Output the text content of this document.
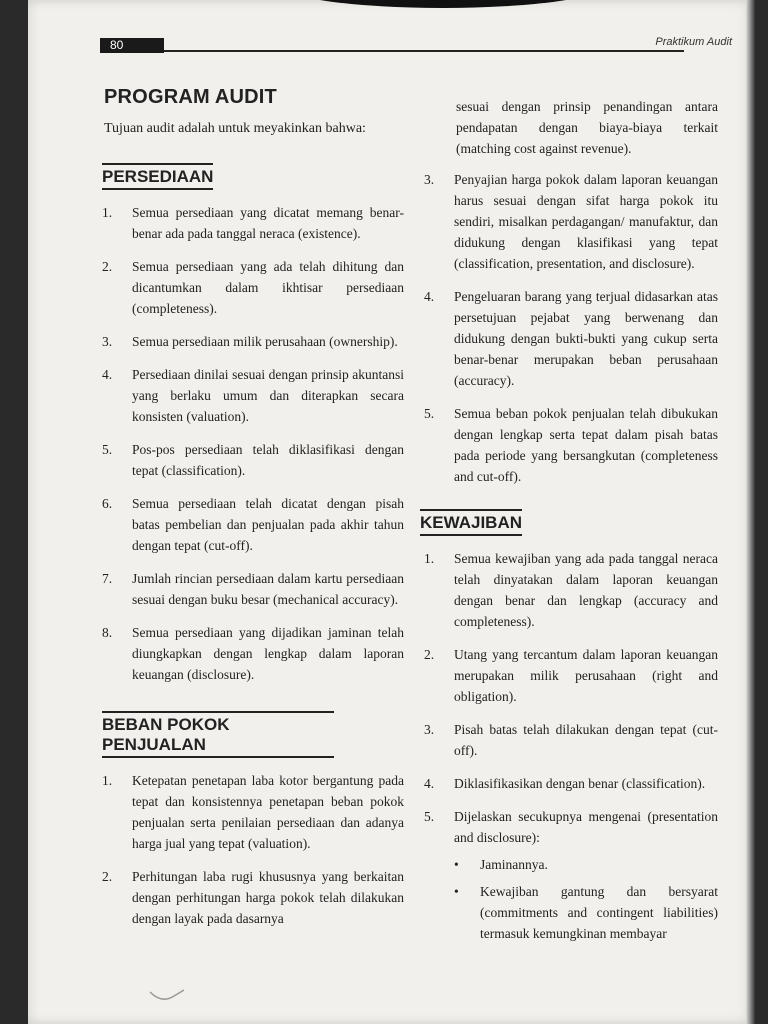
80	Praktikum Audit
PROGRAM AUDIT
Tujuan audit adalah untuk meyakinkan bahwa:
PERSEDIAAN
1.	Semua persediaan yang dicatat memang benar-benar ada pada tanggal neraca (existence).
2.	Semua persediaan yang ada telah dihitung dan dicantumkan dalam ikhtisar persediaan (completeness).
3.	Semua persediaan milik perusahaan (ownership).
4.	Persediaan dinilai sesuai dengan prinsip akuntansi yang berlaku umum dan diterapkan secara konsisten (valuation).
5.	Pos-pos persediaan telah diklasifikasi dengan tepat (classification).
6.	Semua persediaan telah dicatat dengan pisah batas pembelian dan penjualan pada akhir tahun dengan tepat (cut-off).
7.	Jumlah rincian persediaan dalam kartu persediaan sesuai dengan buku besar (mechanical accuracy).
8.	Semua persediaan yang dijadikan jaminan telah diungkapkan dengan lengkap dalam laporan keuangan (disclosure).
BEBAN POKOK PENJUALAN
1.	Ketepatan penetapan laba kotor bergantung pada tepat dan konsistennya penetapan beban pokok penjualan serta penilaian persediaan dan adanya harga jual yang tepat (valuation).
2.	Perhitungan laba rugi khususnya yang berkaitan dengan perhitungan harga pokok telah dilakukan dengan layak pada dasarnya
sesuai dengan prinsip penandingan antara pendapatan dengan biaya-biaya terkait (matching cost against revenue).
3.	Penyajian harga pokok dalam laporan keuangan harus sesuai dengan sifat harga pokok itu sendiri, misalkan perdagangan/ manufaktur, dan didukung dengan klasifikasi yang tepat (classification, presentation, and disclosure).
4.	Pengeluaran barang yang terjual didasarkan atas persetujuan pejabat yang berwenang dan didukung dengan bukti-bukti yang cukup serta benar-benar merupakan beban perusahaan (accuracy).
5.	Semua beban pokok penjualan telah dibukukan dengan lengkap serta tepat dalam pisah batas pada periode yang bersangkutan (completeness and cut-off).
KEWAJIBAN
1.	Semua kewajiban yang ada pada tanggal neraca telah dinyatakan dalam laporan keuangan dengan benar dan lengkap (accuracy and completeness).
2.	Utang yang tercantum dalam laporan keuangan merupakan milik perusahaan (right and obligation).
3.	Pisah batas telah dilakukan dengan tepat (cut-off).
4.	Diklasifikasikan dengan benar (classification).
5.	Dijelaskan secukupnya mengenai (presentation and disclosure):
•	Jaminannya.
•	Kewajiban gantung dan bersyarat (commitments and contingent liabilities) termasuk kemungkinan membayar
